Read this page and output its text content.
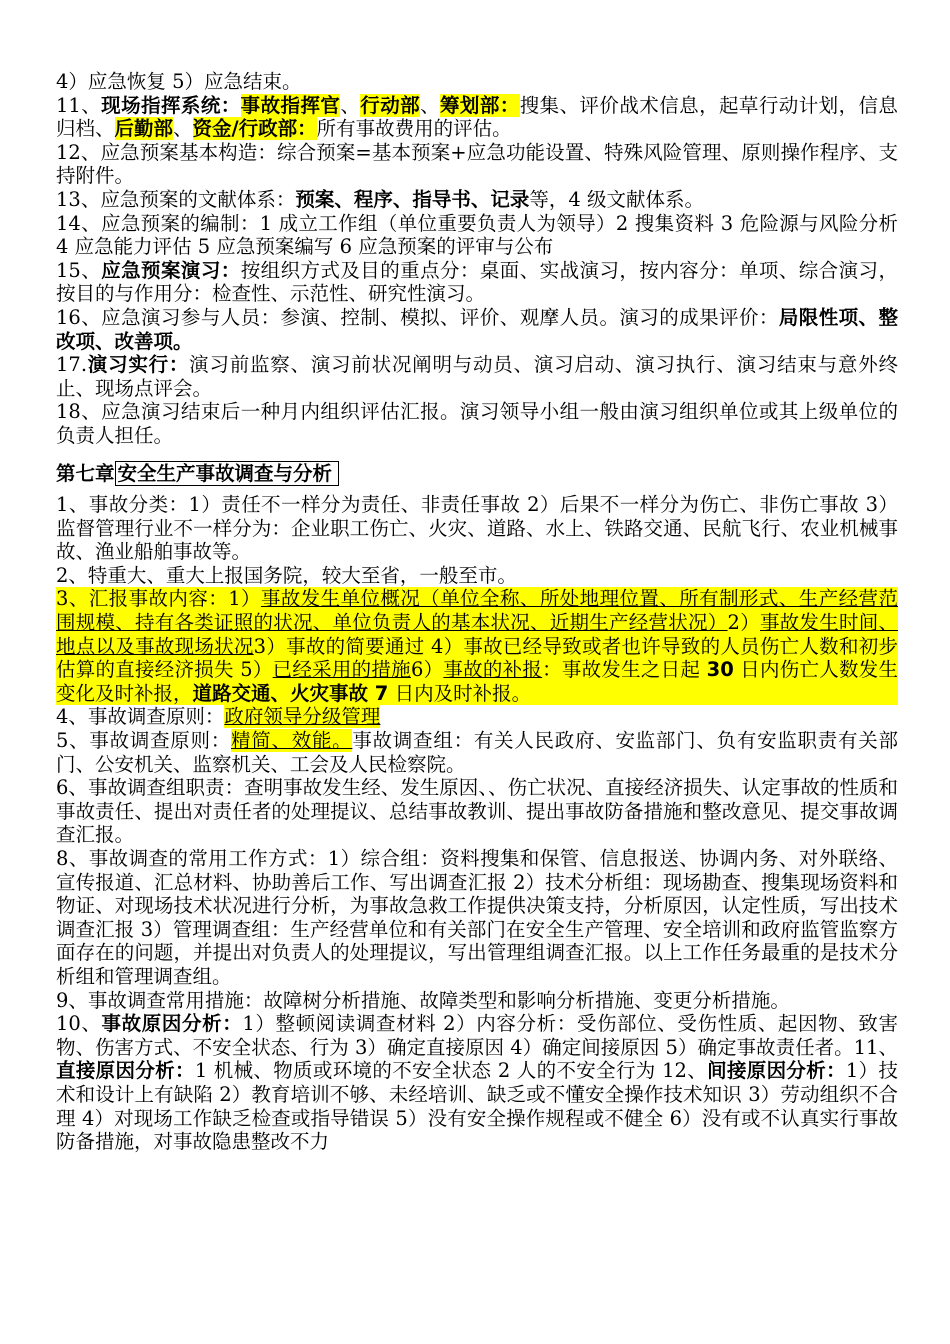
4）应急恢复 5）应急结束。

11、现场指挥系统：事故指挥官、行动部、筹划部：搜集、评价战术信息，起草行动计划，信息归档、后勤部、资金/行政部：所有事故费用的评估。

12、应急预案基本构造：综合预案=基本预案+应急功能设置、特殊风险管理、原则操作程序、支持附件。

13、应急预案的文献体系：预案、程序、指导书、记录等，4 级文献体系。

14、应急预案的编制：1 成立工作组（单位重要负责人为领导）2 搜集资料 3 危险源与风险分析 4 应急能力评估 5 应急预案编写 6 应急预案的评审与公布

15、应急预案演习：按组织方式及目的重点分：桌面、实战演习，按内容分：单项、综合演习，按目的与作用分：检查性、示范性、研究性演习。

16、应急演习参与人员：参演、控制、模拟、评价、观摩人员。演习的成果评价：局限性项、整改项、改善项。

17.演习实行：演习前监察、演习前状况阐明与动员、演习启动、演习执行、演习结束与意外终止、现场点评会。

18、应急演习结束后一种月内组织评估汇报。演习领导小组一般由演习组织单位或其上级单位的负责人担任。

第七章 安全生产事故调查与分析

1、事故分类：1）责任不一样分为责任、非责任事故 2）后果不一样分为伤亡、非伤亡事故 3）监督管理行业不一样分为：企业职工伤亡、火灾、道路、水上、铁路交通、民航飞行、农业机械事故、渔业船舶事故等。

2、特重大、重大上报国务院，较大至省，一般至市。

3、汇报事故内容：1）事故发生单位概况（单位全称、所处地理位置、所有制形式、生产经营范围规模、持有各类证照的状况、单位负责人的基本状况、近期生产经营状况）2）事故发生时间、地点以及事故现场状况3）事故的简要通过 4）事故已经导致或者也许导致的人员伤亡人数和初步估算的直接经济损失 5）已经采用的措施6）事故的补报：事故发生之日起 30 日内伤亡人数发生变化及时补报，道路交通、火灾事故 7 日内及时补报。

4、事故调查原则：政府领导分级管理

5、事故调查原则：精简、效能。事故调查组：有关人民政府、安监部门、负有安监职责有关部门、公安机关、监察机关、工会及人民检察院。

6、事故调查组职责：查明事故发生经、发生原因、、伤亡状况、直接经济损失、认定事故的性质和事故责任、提出对责任者的处理提议、总结事故教训、提出事故防备措施和整改意见、提交事故调查汇报。

8、事故调查的常用工作方式：1）综合组：资料搜集和保管、信息报送、协调内务、对外联络、宣传报道、汇总材料、协助善后工作、写出调查汇报 2）技术分析组：现场勘查、搜集现场资料和物证、对现场技术状况进行分析，为事故急救工作提供决策支持，分析原因，认定性质，写出技术调查汇报 3）管理调查组：生产经营单位和有关部门在安全生产管理、安全培训和政府监管监察方面存在的问题，并提出对负责人的处理提议，写出管理组调查汇报。以上工作任务最重的是技术分析组和管理调查组。

9、事故调查常用措施：故障树分析措施、故障类型和影响分析措施、变更分析措施。

10、事故原因分析：1）整顿阅读调查材料 2）内容分析：受伤部位、受伤性质、起因物、致害物、伤害方式、不安全状态、行为 3）确定直接原因 4）确定间接原因 5）确定事故责任者。11、直接原因分析：1 机械、物质或环境的不安全状态 2 人的不安全行为 12、间接原因分析：1）技术和设计上有缺陷 2）教育培训不够、未经培训、缺乏或不懂安全操作技术知识 3）劳动组织不合理 4）对现场工作缺乏检查或指导错误 5）没有安全操作规程或不健全 6）没有或不认真实行事故防备措施，对事故隐患整改不力
